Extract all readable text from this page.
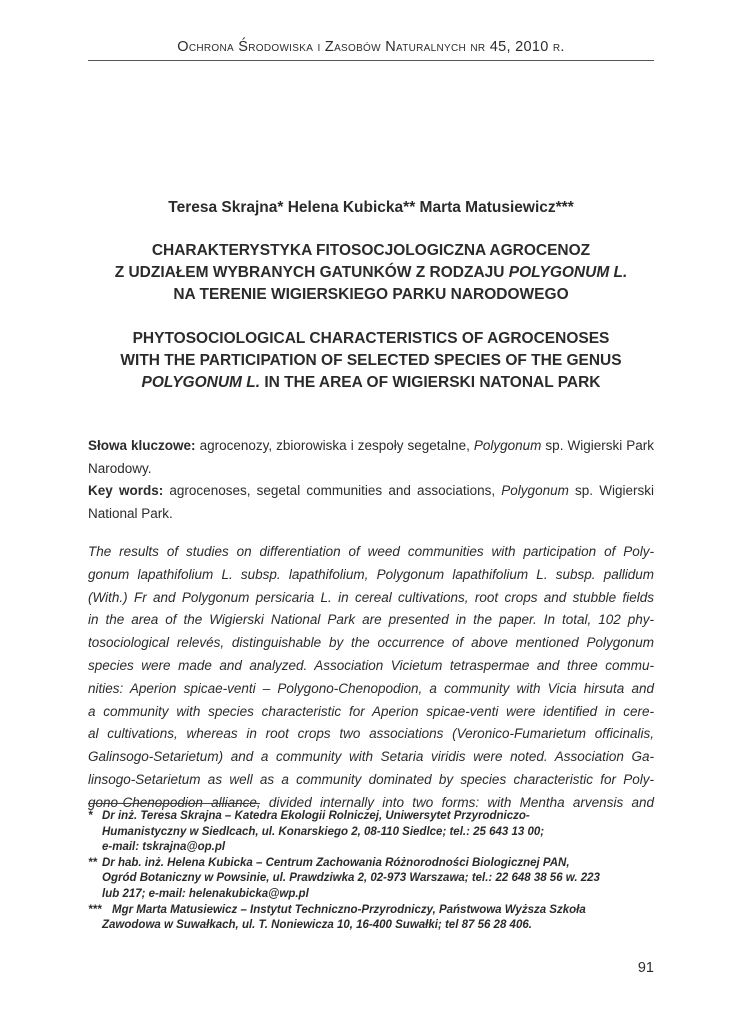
Ochrona Środowiska i Zasobów Naturalnych nr 45, 2010 r.
Teresa Skrajna* Helena Kubicka** Marta Matusiewicz***
CHARAKTERYSTYKA FITOSOCJOLOGICZNA AGROCENOZ
Z UDZIAŁEM WYBRANYCH GATUNKÓW Z RODZAJU POLYGONUM L.
NA TERENIE WIGIERSKIEGO PARKU NARODOWEGO
PHYTOSOCIOLOGICAL CHARACTERISTICS OF AGROCENOSES
WITH THE PARTICIPATION OF SELECTED SPECIES OF THE GENUS
POLYGONUM L. IN THE AREA OF WIGIERSKI NATONAL PARK
Słowa kluczowe: agrocenozy, zbiorowiska i zespoły segetalne, Polygonum sp. Wigierski Park Narodowy.
Key words: agrocenoses, segetal communities and associations, Polygonum sp. Wigierski National Park.
The results of studies on differentiation of weed communities with participation of Poly-
gonum lapathifolium L. subsp. lapathifolium, Polygonum lapathifolium L. subsp. pallidum
(With.) Fr and Polygonum persicaria L. in cereal cultivations, root crops and stubble fields
in the area of the Wigierski National Park are presented in the paper. In total, 102 phy-
tosociological relevés, distinguishable by the occurrence of above mentioned Polygonum
species were made and analyzed. Association Vicietum tetraspermae and three commu-
nities: Aperion spicae-venti – Polygono-Chenopodion, a community with Vicia hirsuta and
a community with species characteristic for Aperion spicae-venti were identified in cere-
al cultivations, whereas in root crops two associations (Veronico-Fumarietum officinalis,
Galinsogo-Setarietum) and a community with Setaria viridis were noted. Association Ga-
linsogo-Setarietum as well as a community dominated by species characteristic for Poly-
gono-Chenopodion alliance, divided internally into two forms: with Mentha arvensis and
* Dr inż. Teresa Skrajna – Katedra Ekologii Rolniczej, Uniwersytet Przyrodniczo-
Humanistyczny w Siedlcach, ul. Konarskiego 2, 08-110 Siedlce; tel.: 25 643 13 00;
e-mail: tskrajna@op.pl
** Dr hab. inż. Helena Kubicka – Centrum Zachowania Różnorodności Biologicznej PAN,
Ogród Botaniczny w Powsinie, ul. Prawdziwka 2, 02-973 Warszawa; tel.: 22 648 38 56 w. 223
lub 217; e-mail: helenakubicka@wp.pl
*** Mgr Marta Matusiewicz – Instytut Techniczno-Przyrodniczy, Państwowa Wyższa Szkoła
Zawodowa w Suwałkach, ul. T. Noniewicza 10, 16-400 Suwałki; tel 87 56 28 406.
91
